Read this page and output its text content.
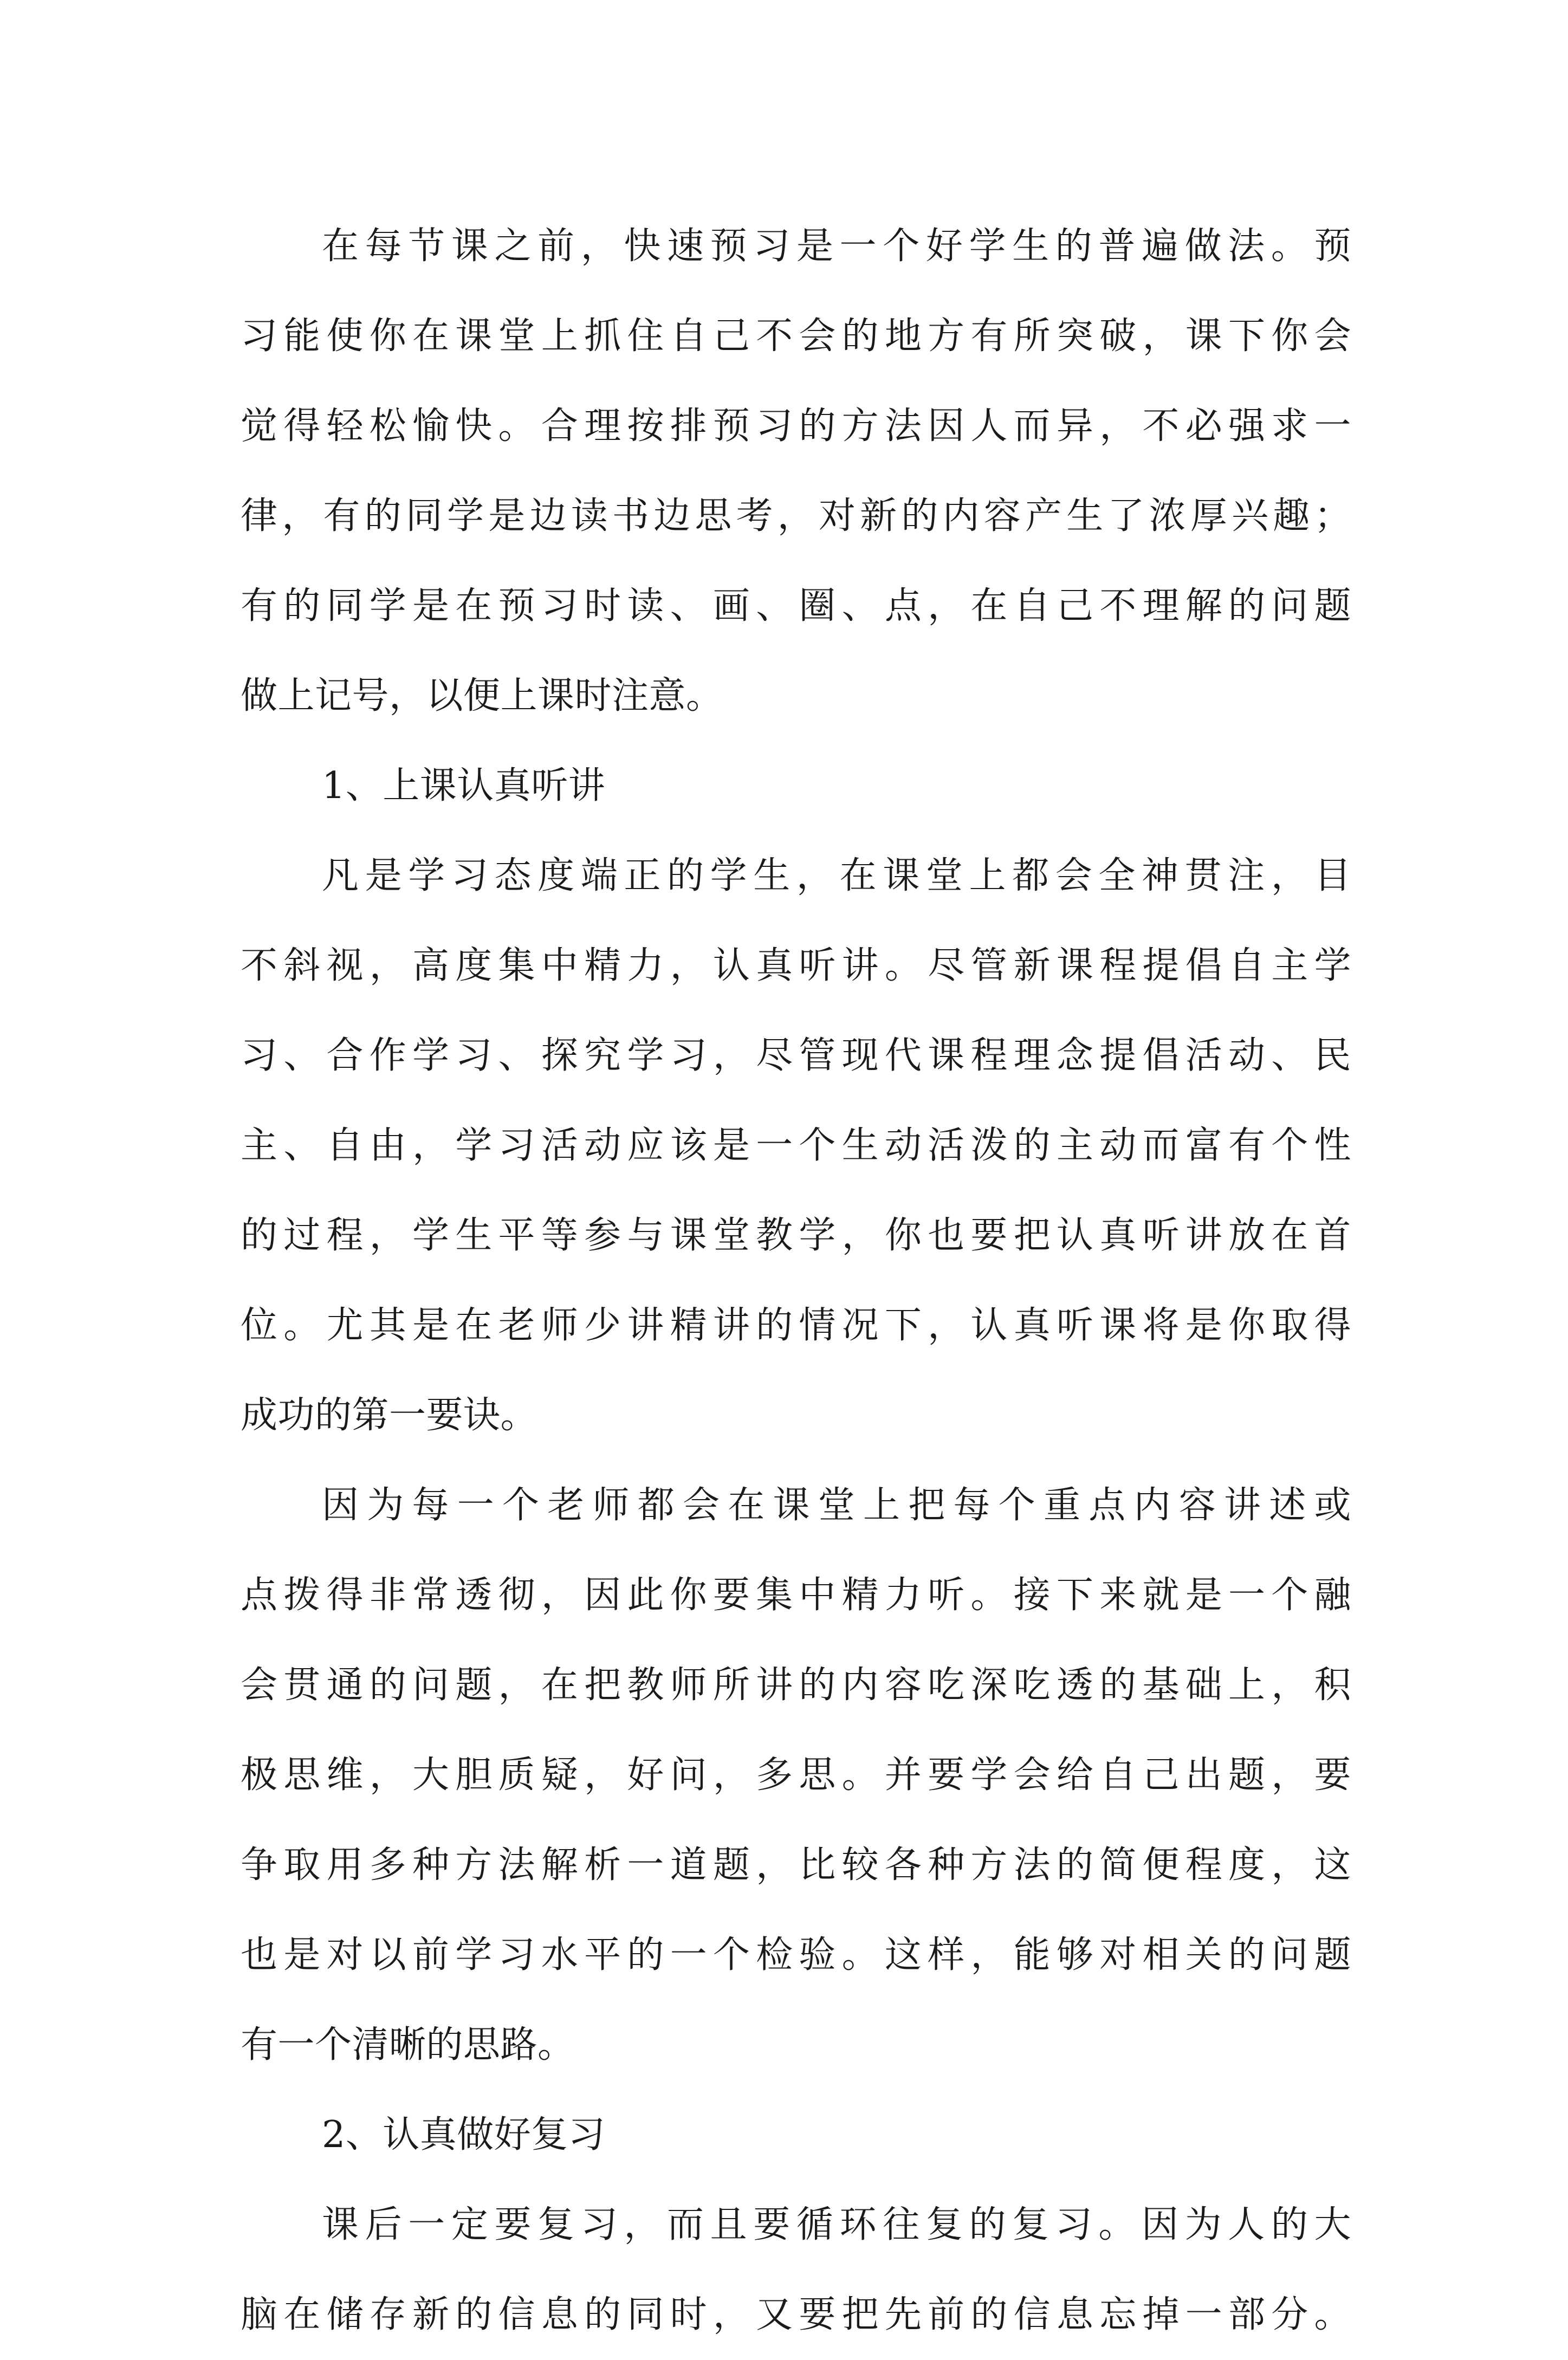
在每节课之前，快速预习是一个好学生的普遍做法。预
习能使你在课堂上抓住自己不会的地方有所突破，课下你会
觉得轻松愉快。合理按排预习的方法因人而异，不必强求一
律，有的同学是边读书边思考，对新的内容产生了浓厚兴趣；
有的同学是在预习时读、画、圈、点，在自己不理解的问题
做上记号，以便上课时注意。
1、上课认真听讲
凡是学习态度端正的学生，在课堂上都会全神贯注，目
不斜视，高度集中精力，认真听讲。尽管新课程提倡自主学
习、合作学习、探究学习，尽管现代课程理念提倡活动、民
主、自由，学习活动应该是一个生动活泼的主动而富有个性
的过程，学生平等参与课堂教学，你也要把认真听讲放在首
位。尤其是在老师少讲精讲的情况下，认真听课将是你取得
成功的第一要诀。
因为每一个老师都会在课堂上把每个重点内容讲述或
点拨得非常透彻，因此你要集中精力听。接下来就是一个融
会贯通的问题，在把教师所讲的内容吃深吃透的基础上，积
极思维，大胆质疑，好问，多思。并要学会给自己出题，要
争取用多种方法解析一道题，比较各种方法的简便程度，这
也是对以前学习水平的一个检验。这样，能够对相关的问题
有一个清晰的思路。
2、认真做好复习
课后一定要复习，而且要循环往复的复习。因为人的大
脑在储存新的信息的同时，又要把先前的信息忘掉一部分。
